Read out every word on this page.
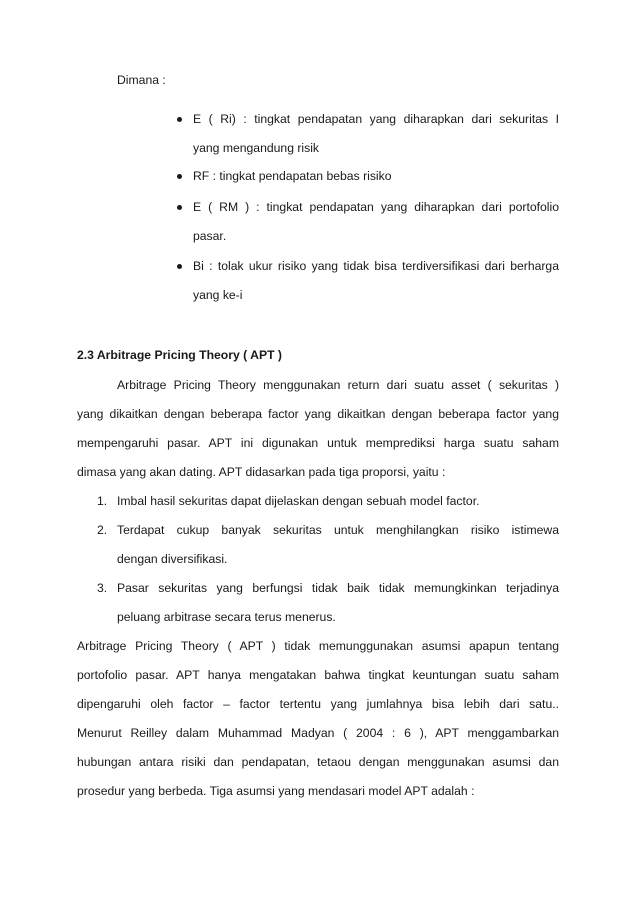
Dimana :
E ( Ri) : tingkat pendapatan yang diharapkan dari sekuritas I
yang mengandung risik
RF : tingkat pendapatan bebas risiko
E ( RM ) : tingkat pendapatan yang diharapkan dari portofolio
pasar.
Bi : tolak ukur risiko yang tidak bisa terdiversifikasi dari berharga
yang ke-i
2.3 Arbitrage Pricing Theory ( APT )
Arbitrage Pricing Theory menggunakan return dari suatu asset ( sekuritas )
yang dikaitkan dengan beberapa factor yang dikaitkan dengan beberapa factor yang
mempengaruhi pasar. APT ini digunakan untuk memprediksi harga suatu saham
dimasa yang akan dating. APT didasarkan pada tiga proporsi, yaitu :
1. Imbal hasil sekuritas dapat dijelaskan dengan sebuah model factor.
2. Terdapat cukup banyak sekuritas untuk menghilangkan risiko istimewa
dengan diversifikasi.
3. Pasar sekuritas yang berfungsi tidak baik tidak memungkinkan terjadinya
peluang arbitrase secara terus menerus.
Arbitrage Pricing Theory ( APT ) tidak memunggunakan asumsi apapun tentang
portofolio pasar. APT hanya mengatakan bahwa tingkat keuntungan suatu saham
dipengaruhi oleh factor – factor tertentu yang jumlahnya bisa lebih dari satu..
Menurut Reilley dalam Muhammad Madyan ( 2004 : 6 ), APT menggambarkan
hubungan antara risiki dan pendapatan, tetaou dengan menggunakan asumsi dan
prosedur yang berbeda. Tiga asumsi yang mendasari model APT adalah :
